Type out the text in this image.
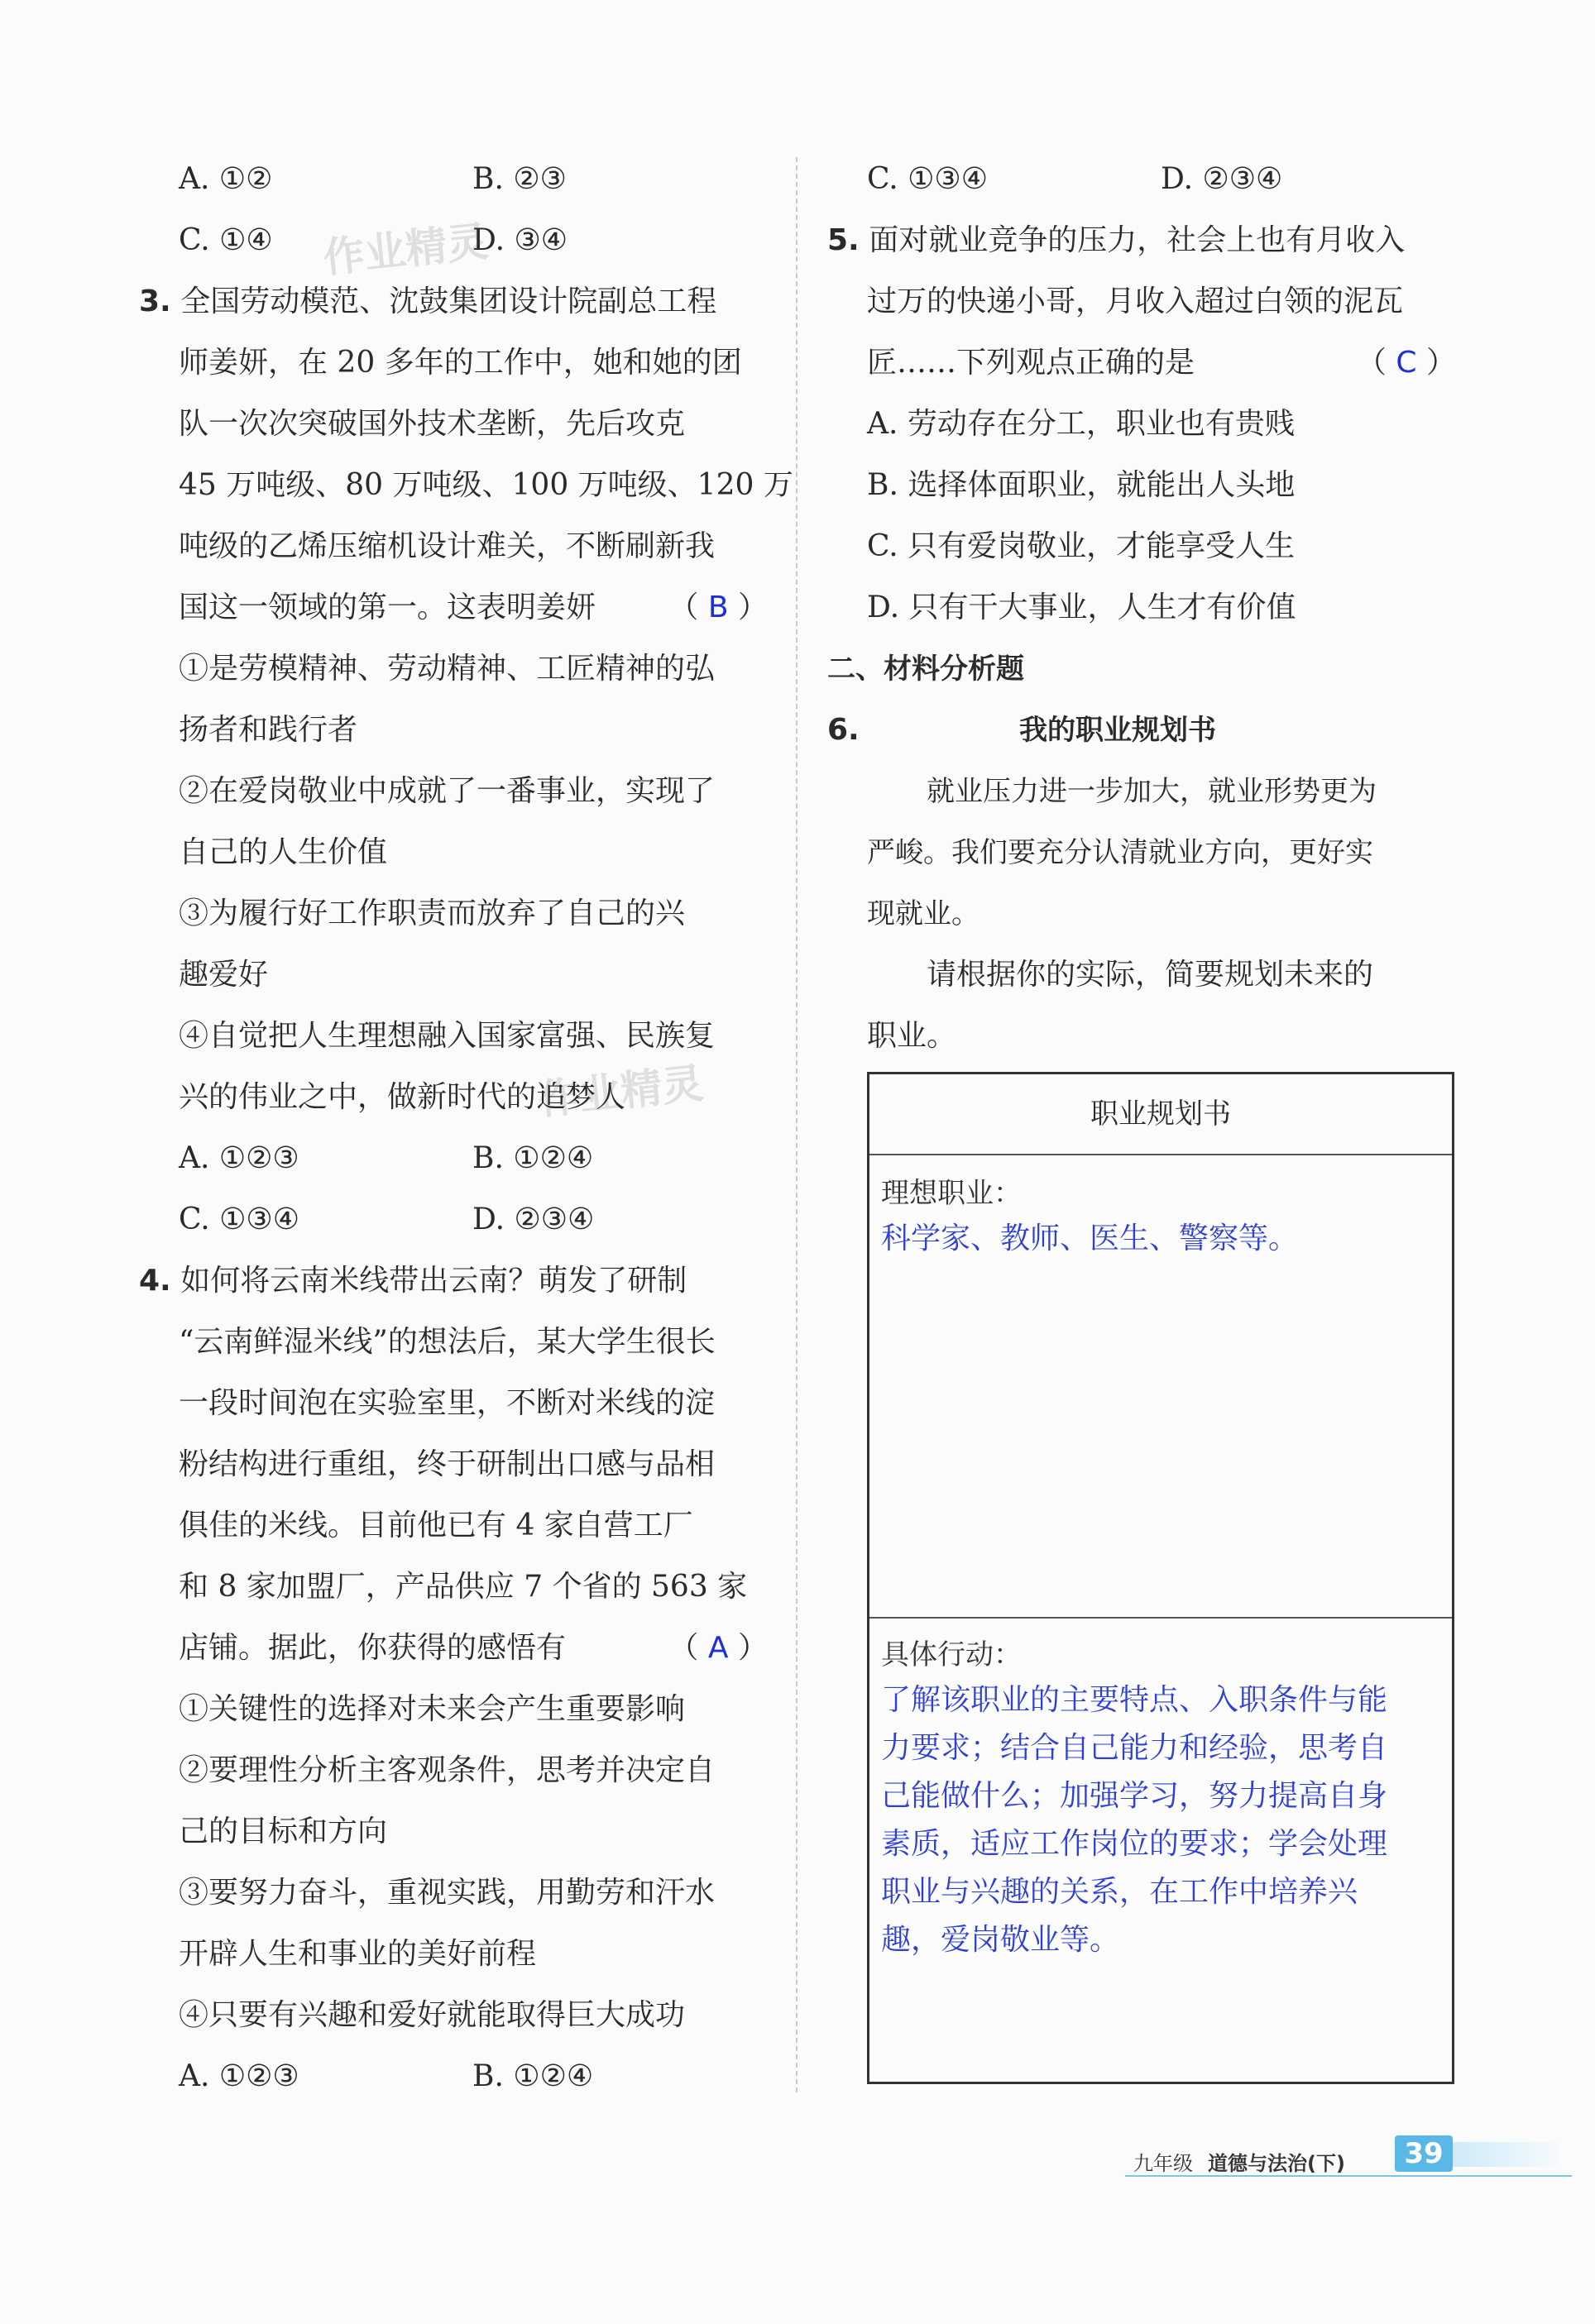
作业精灵
作业精灵
A. ①②	B. ②③
C. ①④	D. ③④
3. 全国劳动模范、沈鼓集团设计院副总工程
师姜妍，在 20 多年的工作中，她和她的团
队一次次突破国外技术垄断，先后攻克
45 万吨级、80 万吨级、100 万吨级、120 万
吨级的乙烯压缩机设计难关，不断刷新我
国这一领域的第一。这表明姜妍 （ B ）
①是劳模精神、劳动精神、工匠精神的弘
扬者和践行者
②在爱岗敬业中成就了一番事业，实现了
自己的人生价值
③为履行好工作职责而放弃了自己的兴
趣爱好
④自觉把人生理想融入国家富强、民族复
兴的伟业之中，做新时代的追梦人
A. ①②③	B. ①②④
C. ①③④	D. ②③④
4. 如何将云南米线带出云南？萌发了研制
“云南鲜湿米线”的想法后，某大学生很长
一段时间泡在实验室里，不断对米线的淀
粉结构进行重组，终于研制出口感与品相
俱佳的米线。目前他已有 4 家自营工厂
和 8 家加盟厂，产品供应 7 个省的 563 家
店铺。据此，你获得的感悟有	（ A ）
①关键性的选择对未来会产生重要影响
②要理性分析主客观条件，思考并决定自
己的目标和方向
③要努力奋斗，重视实践，用勤劳和汗水
开辟人生和事业的美好前程
④只要有兴趣和爱好就能取得巨大成功
A. ①②③	B. ①②④
C. ①③④	D. ②③④
5. 面对就业竞争的压力，社会上也有月收入
过万的快递小哥，月收入超过白领的泥瓦
匠……下列观点正确的是	（ C ）
A. 劳动存在分工，职业也有贵贱
B. 选择体面职业，就能出人头地
C. 只有爱岗敬业，才能享受人生
D. 只有干大事业，人生才有价值
二、材料分析题
6.	我的职业规划书
就业压力进一步加大，就业形势更为
严峻。我们要充分认清就业方向，更好实
现就业。
请根据你的实际，简要规划未来的
职业。
职业规划书
理想职业：
科学家、教师、医生、警察等。
具体行动：
了解该职业的主要特点、入职条件与能
力要求；结合自己能力和经验，思考自
己能做什么；加强学习，努力提高自身
素质，适应工作岗位的要求；学会处理
职业与兴趣的关系，在工作中培养兴
趣，爱岗敬业等。
九年级 道德与法治(下)	39
